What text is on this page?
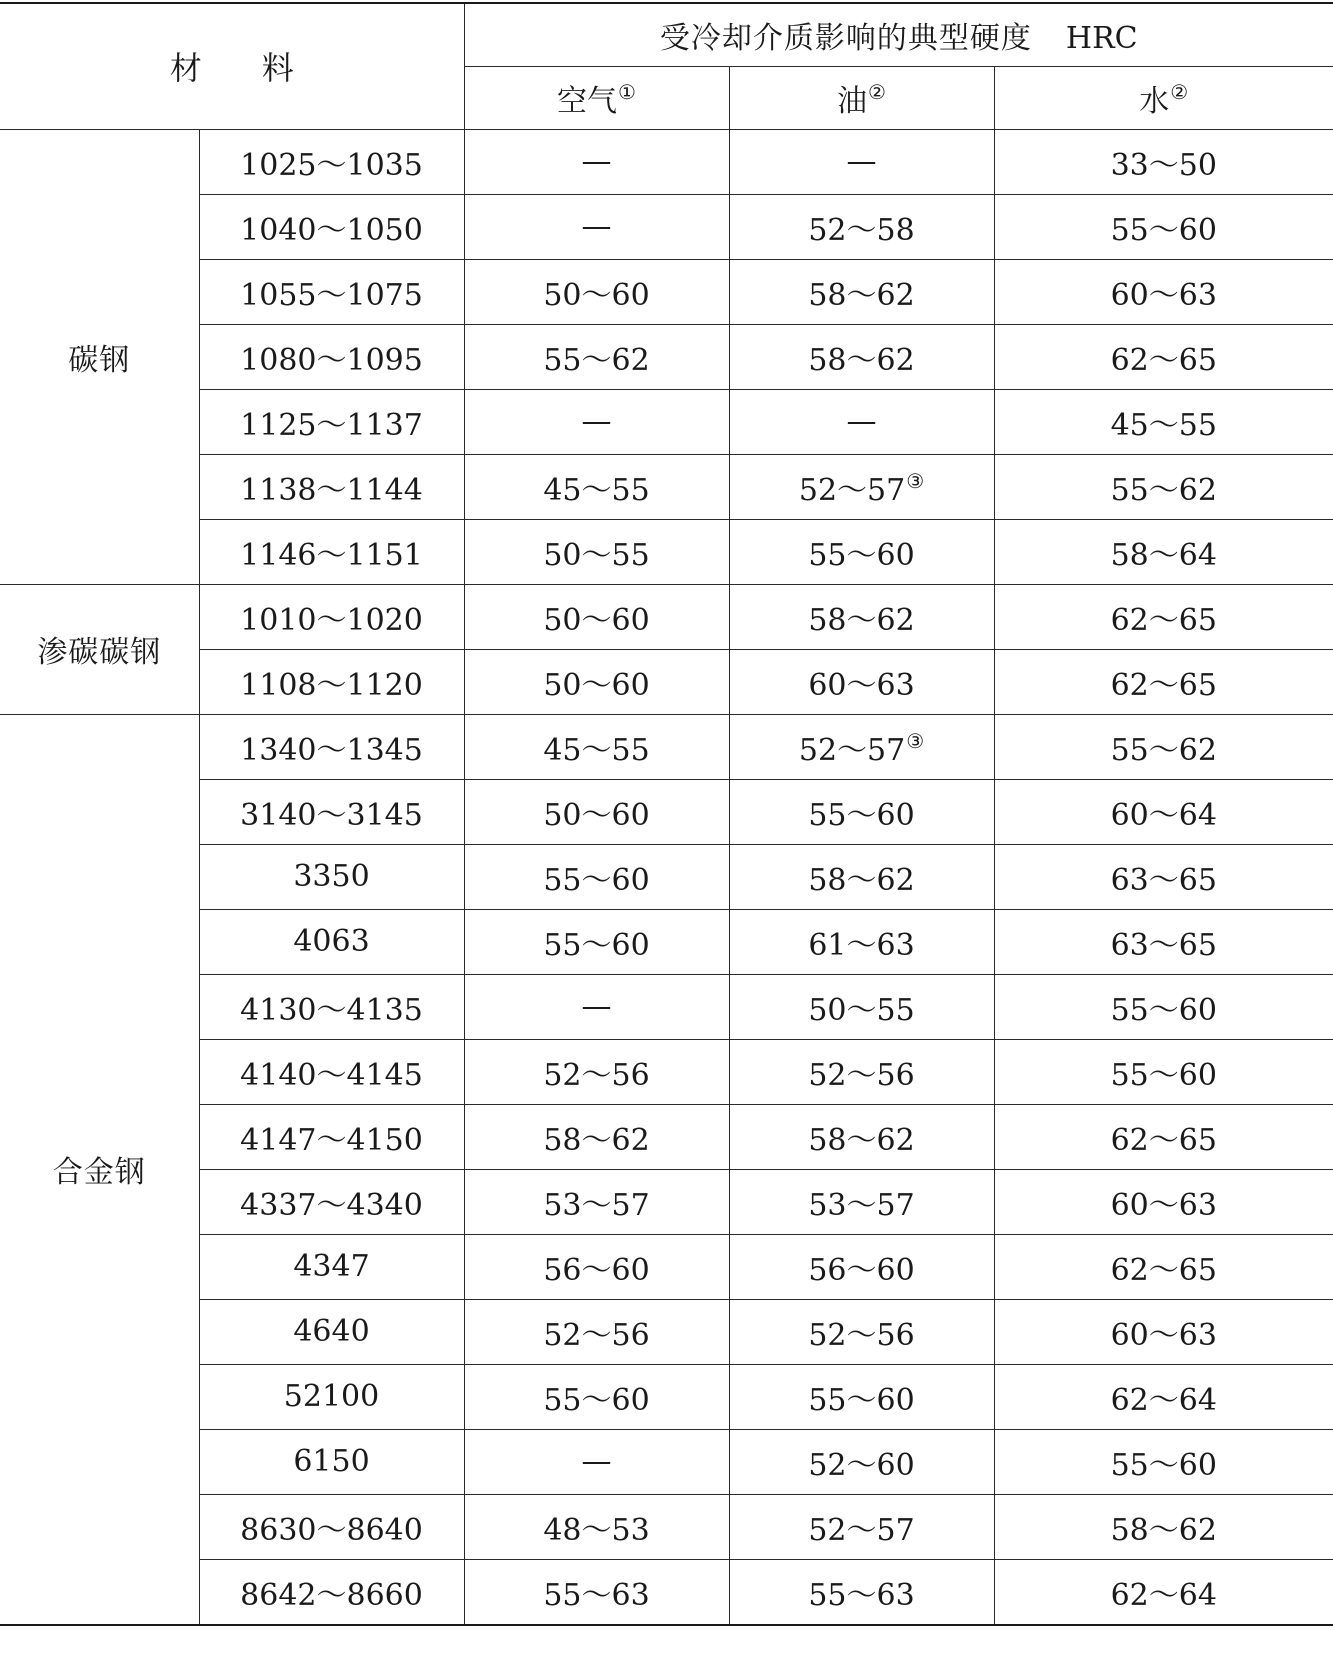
材料		受冷却介质影响的典型硬度 HRC		
		空气①	油②	水②
碳钢	1025～1035	—	—	33～50
	1040～1050	—	52～58	55～60
	1055～1075	50～60	58～62	60～63
	1080～1095	55～62	58～62	62～65
	1125～1137	—	—	45～55
	1138～1144	45～55	52～57③	55～62
	1146～1151	50～55	55～60	58～64
渗碳碳钢	1010～1020	50～60	58～62	62～65
	1108～1120	50～60	60～63	62～65
合金钢	1340～1345	45～55	52～57③	55～62
	3140～3145	50～60	55～60	60～64
	3350	55～60	58～62	63～65
	4063	55～60	61～63	63～65
	4130～4135	—	50～55	55～60
	4140～4145	52～56	52～56	55～60
	4147～4150	58～62	58～62	62～65
	4337～4340	53～57	53～57	60～63
	4347	56～60	56～60	62～65
	4640	52～56	52～56	60～63
	52100	55～60	55～60	62～64
	6150	—	52～60	55～60
	8630～8640	48～53	52～57	58～62
	8642～8660	55～63	55～63	62～64
